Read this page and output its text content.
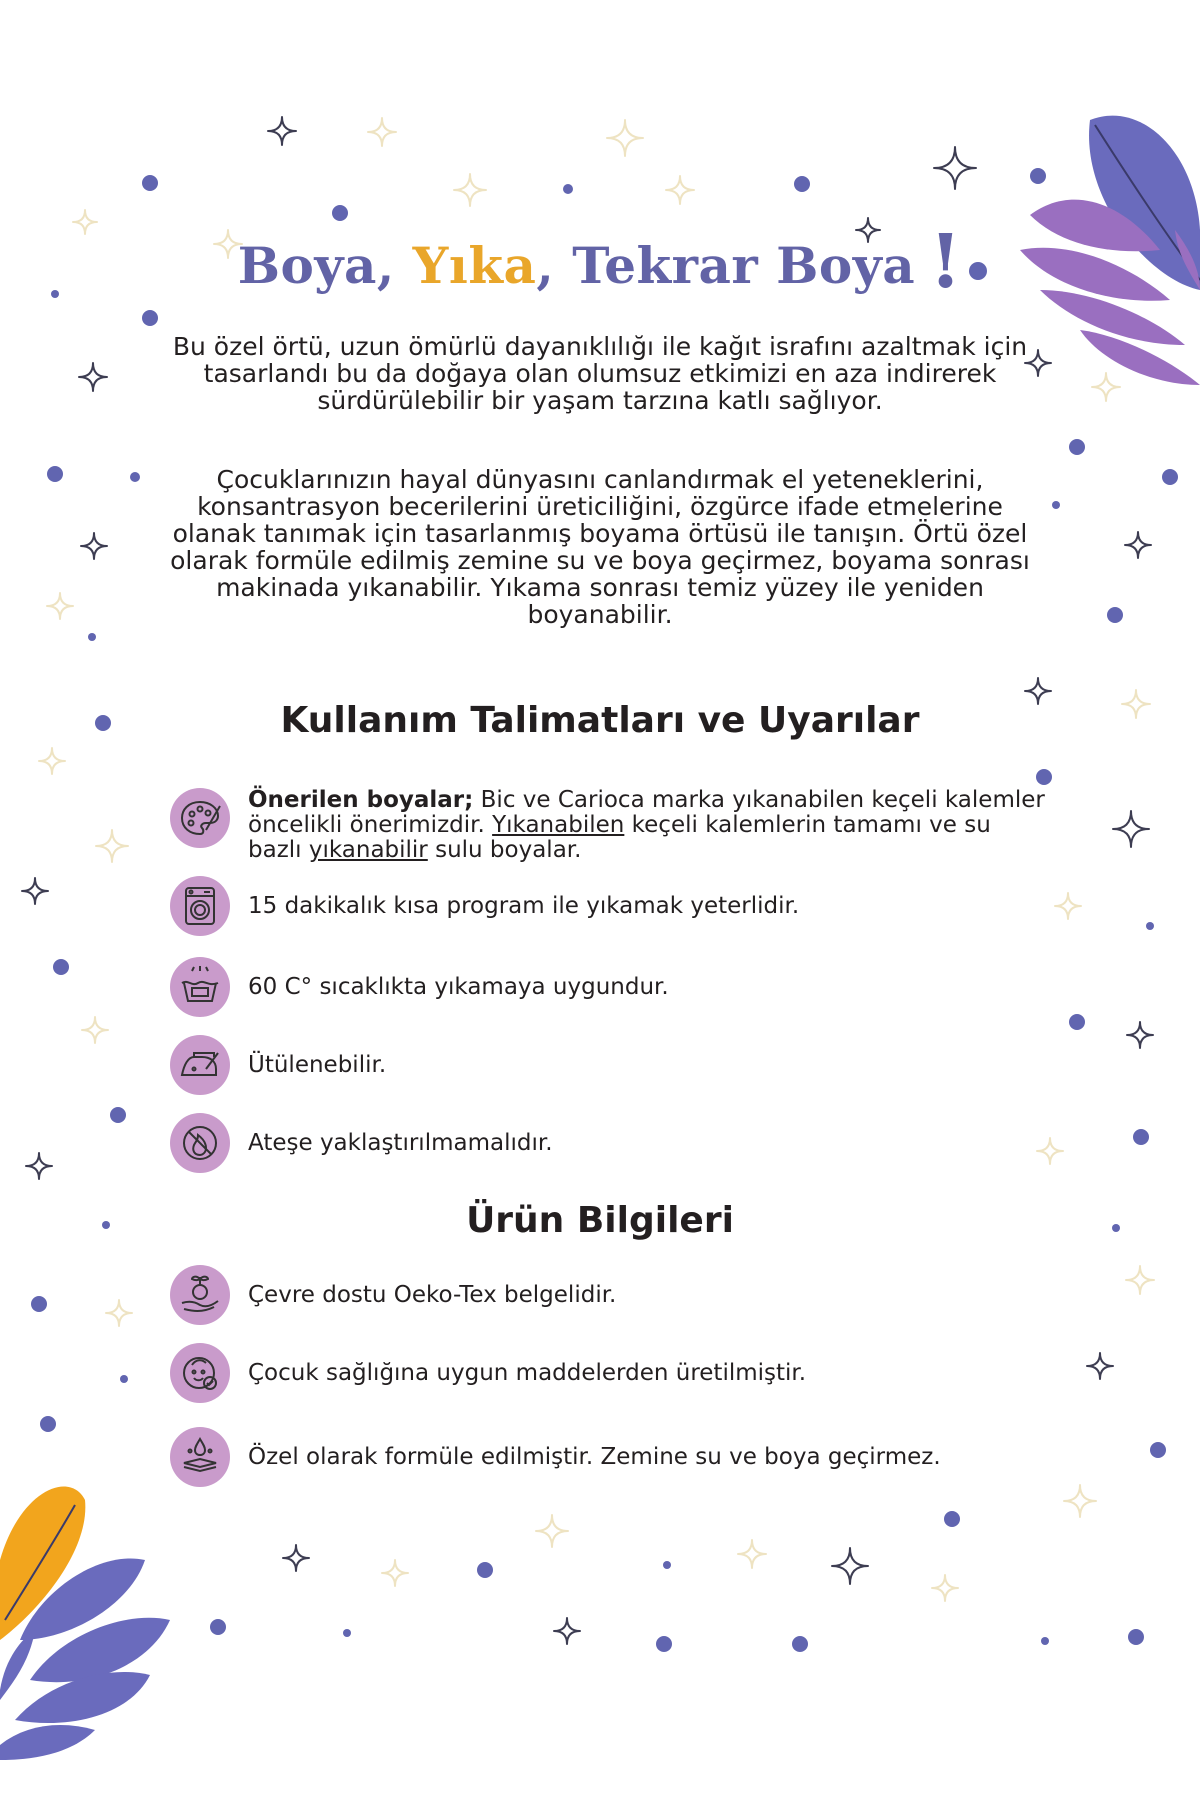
Boya, Yıka, Tekrar Boya !
Bu özel örtü, uzun ömürlü dayanıklılığı ile kağıt israfını azaltmak için tasarlandı bu da doğaya olan olumsuz etkimizi en aza indirerek sürdürülebilir bir yaşam tarzına katlı sağlıyor.
Çocuklarınızın hayal dünyasını canlandırmak el yeteneklerini, konsantrasyon becerilerini üreticiliğini, özgürce ifade etmelerine olanak tanımak için tasarlanmış boyama örtüsü ile tanışın. Örtü özel olarak formüle edilmiş zemine su ve boya geçirmez, boyama sonrası makinada yıkanabilir. Yıkama sonrası temiz yüzey ile yeniden boyanabilir.
Kullanım Talimatları ve Uyarılar
Önerilen boyalar; Bic ve Carioca marka yıkanabilen keçeli kalemler öncelikli önerimizdir. Yıkanabilen keçeli kalemlerin tamamı ve su bazlı yıkanabilir sulu boyalar.
15 dakikalık kısa program ile yıkamak yeterlidir.
60 C° sıcaklıkta yıkamaya uygundur.
Ütülenebilir.
Ateşe yaklaştırılmamalıdır.
Ürün Bilgileri
Çevre dostu Oeko-Tex belgelidir.
Çocuk sağlığına uygun maddelerden üretilmiştir.
Özel olarak formüle edilmiştir. Zemine su ve boya geçirmez.
